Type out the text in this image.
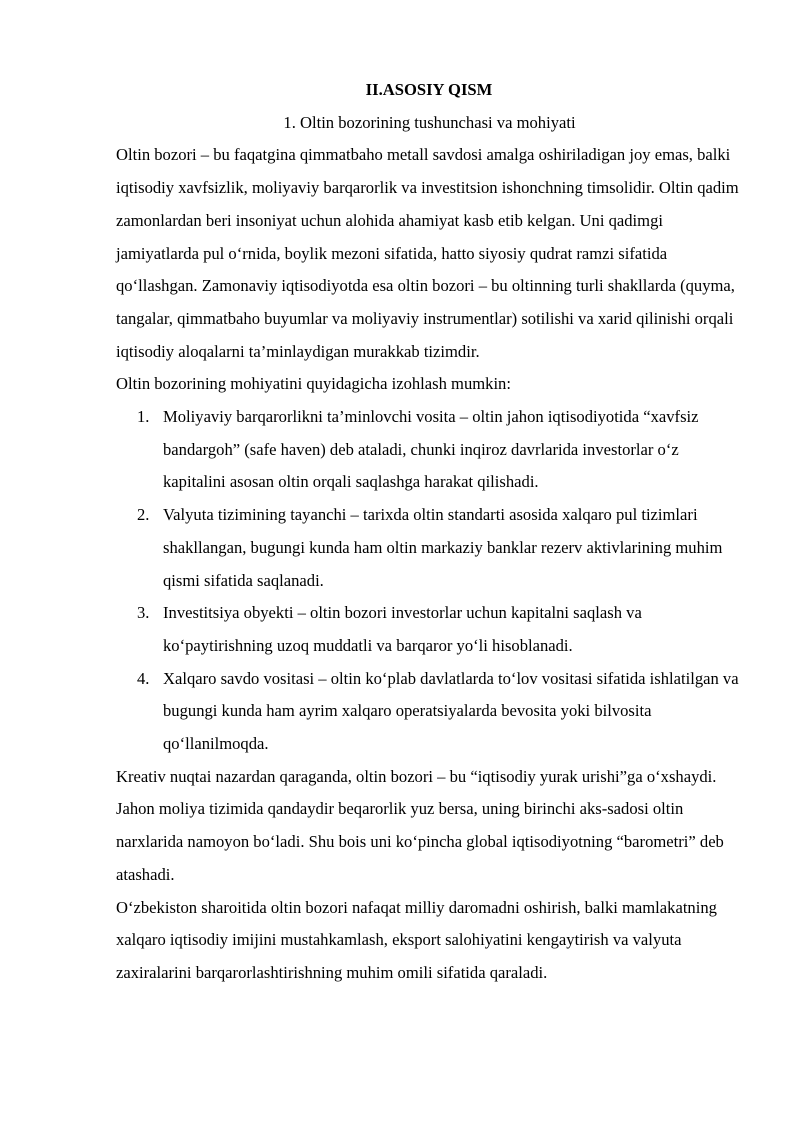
II.ASOSIY QISM

1. Oltin bozorining tushunchasi va mohiyati

Oltin bozori – bu faqatgina qimmatbaho metall savdosi amalga oshiriladigan joy emas, balki iqtisodiy xavfsizlik, moliyaviy barqarorlik va investitsion ishonchning timsolidir. Oltin qadim zamonlardan beri insoniyat uchun alohida ahamiyat kasb etib kelgan. Uni qadimgi jamiyatlarda pul o‘rnida, boylik mezoni sifatida, hatto siyosiy qudrat ramzi sifatida qo‘llashgan. Zamonaviy iqtisodiyotda esa oltin bozori – bu oltinning turli shakllarda (quyma, tangalar, qimmatbaho buyumlar va moliyaviy instrumentlar) sotilishi va xarid qilinishi orqali iqtisodiy aloqalarni ta’minlaydigan murakkab tizimdir.

Oltin bozorining mohiyatini quyidagicha izohlash mumkin:

1. Moliyaviy barqarorlikni ta’minlovchi vosita – oltin jahon iqtisodiyotida “xavfsiz bandargoh” (safe haven) deb ataladi, chunki inqiroz davrlarida investorlar o‘z kapitalini asosan oltin orqali saqlashga harakat qilishadi.
2. Valyuta tizimining tayanchi – tarixda oltin standarti asosida xalqaro pul tizimlari shakllangan, bugungi kunda ham oltin markaziy banklar rezerv aktivlarining muhim qismi sifatida saqlanadi.
3. Investitsiya obyekti – oltin bozori investorlar uchun kapitalni saqlash va ko‘paytirishning uzoq muddatli va barqaror yo‘li hisoblanadi.
4. Xalqaro savdo vositasi – oltin ko‘plab davlatlarda to‘lov vositasi sifatida ishlatilgan va bugungi kunda ham ayrim xalqaro operatsiyalarda bevosita yoki bilvosita qo‘llanilmoqda.

Kreativ nuqtai nazardan qaraganda, oltin bozori – bu “iqtisodiy yurak urishi”ga o‘xshaydi. Jahon moliya tizimida qandaydir beqarorlik yuz bersa, uning birinchi aks-sadosi oltin narxlarida namoyon bo‘ladi. Shu bois uni ko‘pincha global iqtisodiyotning “barometri” deb atashadi.

O‘zbekiston sharoitida oltin bozori nafaqat milliy daromadni oshirish, balki mamlakatning xalqaro iqtisodiy imijini mustahkamlash, eksport salohiyatini kengaytirish va valyuta zaxiralarini barqarorlashtirishning muhim omili sifatida qaraladi.
